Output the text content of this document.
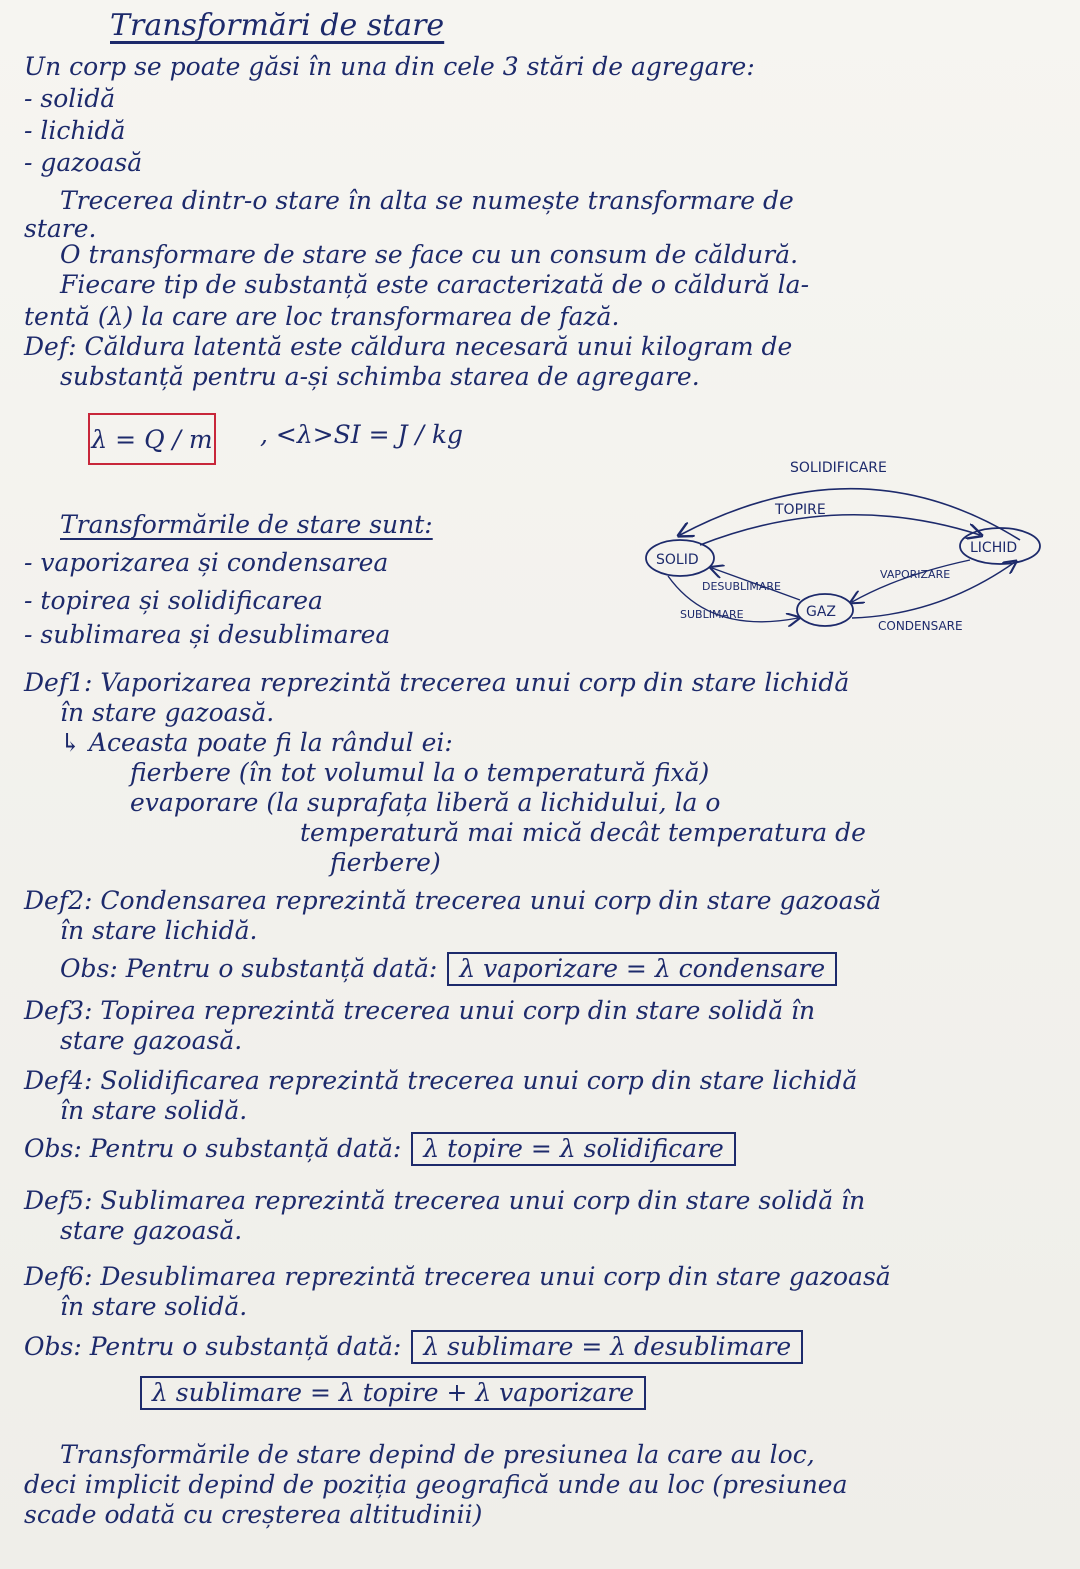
Transformări de stare
Un corp se poate găsi în una din cele 3 stări de agregare:
- solidă
- lichidă
- gazoasă
Trecerea dintr-o stare în alta se numește transformare de
stare.
O transformare de stare se face cu un consum de căldură.
Fiecare tip de substanță este caracterizată de o căldură la-
tentă (λ) la care are loc transformarea de fază.
Def: Căldura latentă este căldura necesară unui kilogram de
substanță pentru a-și schimba starea de agregare.
λ = Q / m , <λ>SI = J / kg
Transformările de stare sunt:
- vaporizarea și condensarea
- topirea și solidificarea
- sublimarea și desublimarea
SOLIDIFICARE
TOPIRE
SOLID
LICHID
GAZ
VAPORIZARE
CONDENSARE
DESUBLIMARE
SUBLIMARE
Def1: Vaporizarea reprezintă trecerea unui corp din stare lichidă
în stare gazoasă.
↳ Aceasta poate fi la rândul ei:
fierbere (în tot volumul la o temperatură fixă)
evaporare (la suprafața liberă a lichidului, la o
temperatură mai mică decât temperatura de
fierbere)
Def2: Condensarea reprezintă trecerea unui corp din stare gazoasă
în stare lichidă.
Obs: Pentru o substanță dată: λ vaporizare = λ condensare
Def3: Topirea reprezintă trecerea unui corp din stare solidă în
stare gazoasă.
Def4: Solidificarea reprezintă trecerea unui corp din stare lichidă
în stare solidă.
Obs: Pentru o substanță dată: λ topire = λ solidificare
Def5: Sublimarea reprezintă trecerea unui corp din stare solidă în
stare gazoasă.
Def6: Desublimarea reprezintă trecerea unui corp din stare gazoasă
în stare solidă.
Obs: Pentru o substanță dată: λ sublimare = λ desublimare
λ sublimare = λ topire + λ vaporizare
Transformările de stare depind de presiunea la care au loc,
deci implicit depind de poziția geografică unde au loc (presiunea
scade odată cu creșterea altitudinii)
